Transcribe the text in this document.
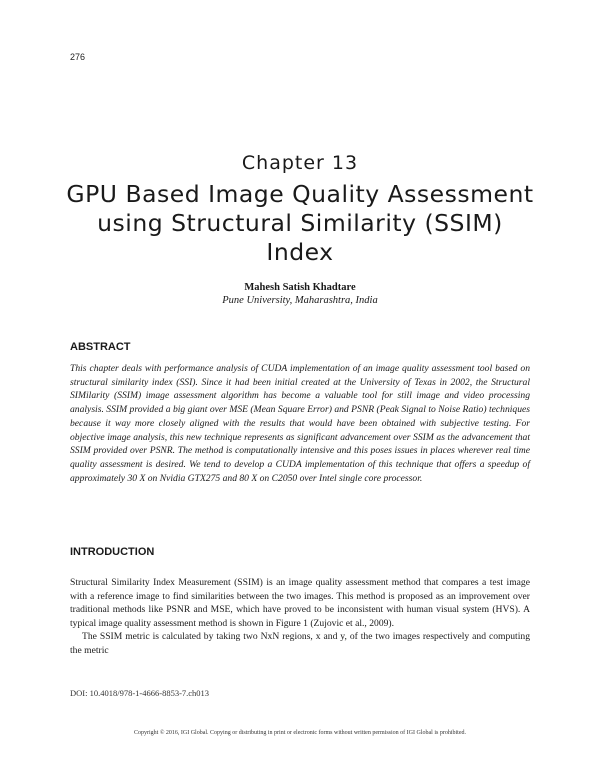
276
Chapter 13
GPU Based Image Quality Assessment using Structural Similarity (SSIM) Index
Mahesh Satish Khadtare
Pune University, Maharashtra, India
ABSTRACT
This chapter deals with performance analysis of CUDA implementation of an image quality assessment tool based on structural similarity index (SSI). Since it had been initial created at the University of Texas in 2002, the Structural SIMilarity (SSIM) image assessment algorithm has become a valuable tool for still image and video processing analysis. SSIM provided a big giant over MSE (Mean Square Error) and PSNR (Peak Signal to Noise Ratio) techniques because it way more closely aligned with the results that would have been obtained with subjective testing. For objective image analysis, this new technique represents as significant advancement over SSIM as the advancement that SSIM provided over PSNR. The method is computationally intensive and this poses issues in places wherever real time quality assessment is desired. We tend to develop a CUDA implementation of this technique that offers a speedup of approximately 30 X on Nvidia GTX275 and 80 X on C2050 over Intel single core processor.
INTRODUCTION

Structural Similarity Index Measurement (SSIM) is an image quality assessment method that compares a test image with a reference image to find similarities between the two images. This method is proposed as an improvement over traditional methods like PSNR and MSE, which have proved to be inconsistent with human visual system (HVS). A typical image quality assessment method is shown in Figure 1 (Zujovic et al., 2009).

The SSIM metric is calculated by taking two NxN regions, x and y, of the two images respectively and computing the metric

DOI: 10.4018/978-1-4666-8853-7.ch013
Copyright © 2016, IGI Global. Copying or distributing in print or electronic forms without written permission of IGI Global is prohibited.
